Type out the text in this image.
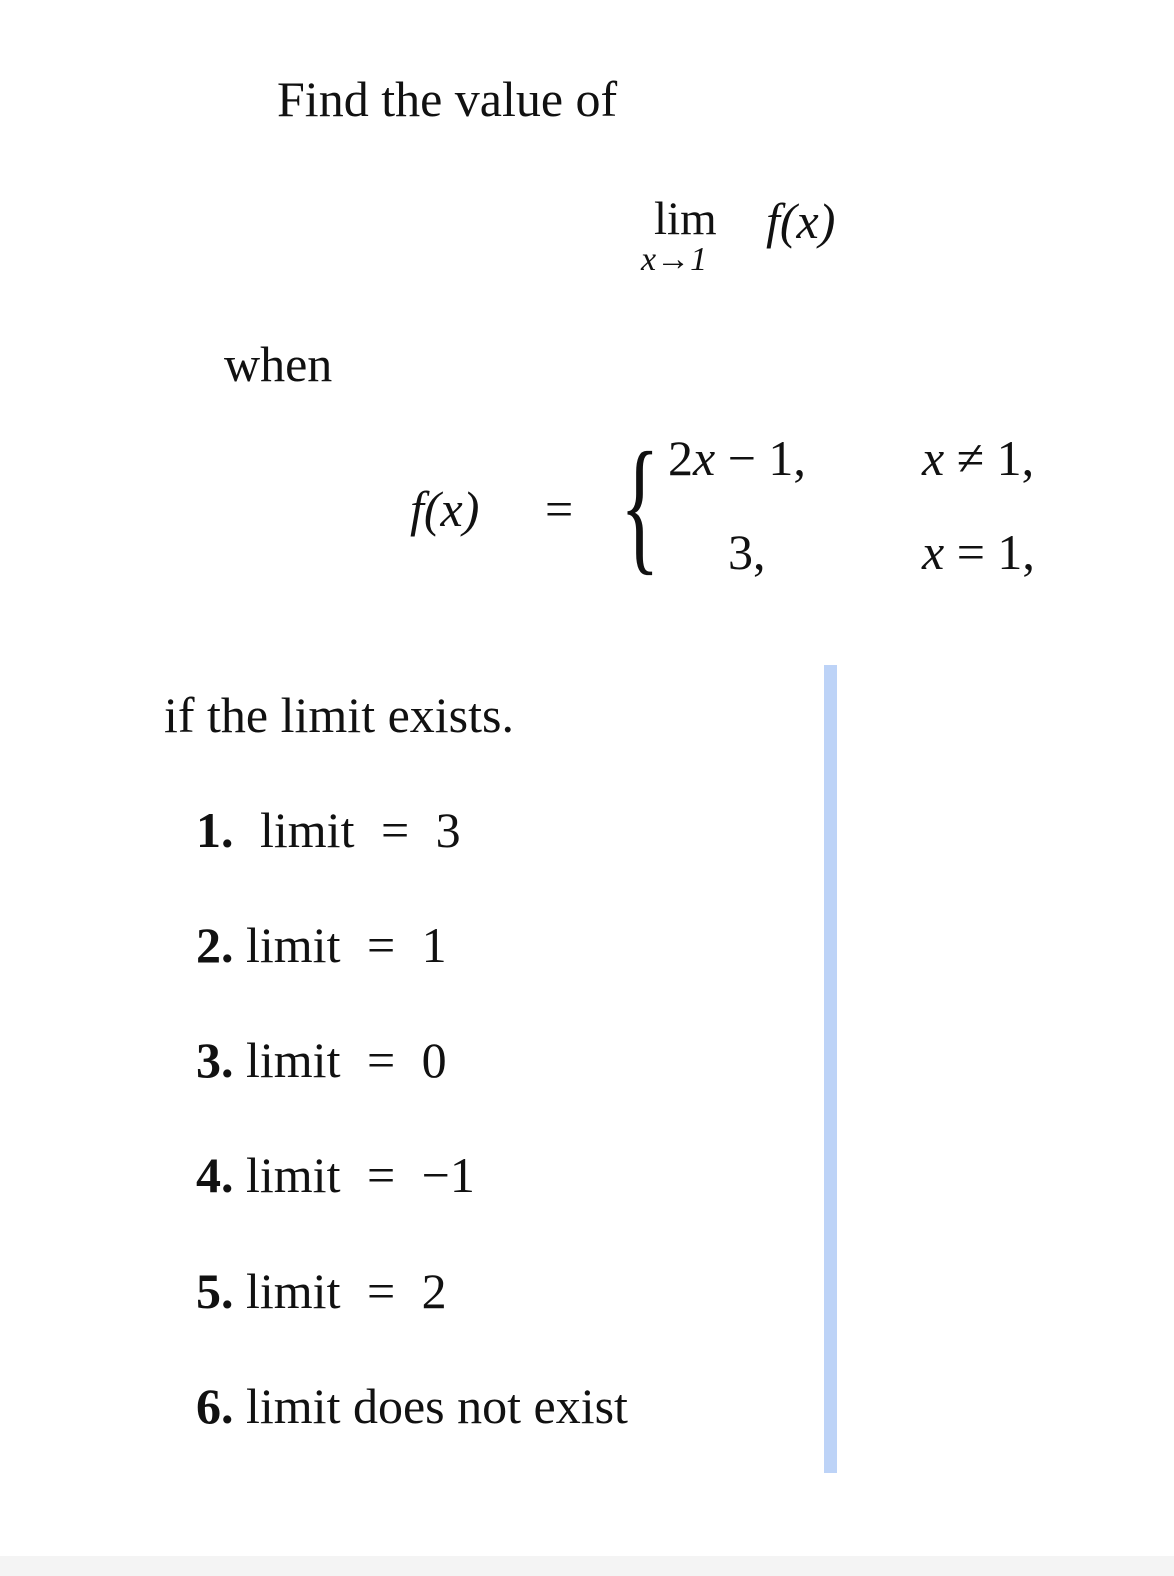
Find the value of
lim
x→1
f(x)
when
f(x) = { 2x − 1, x ≠ 1,
3,	x = 1,
if the limit exists.
1. limit = 3
2. limit = 1
3. limit = 0
4. limit = −1
5. limit = 2
6. limit does not exist
